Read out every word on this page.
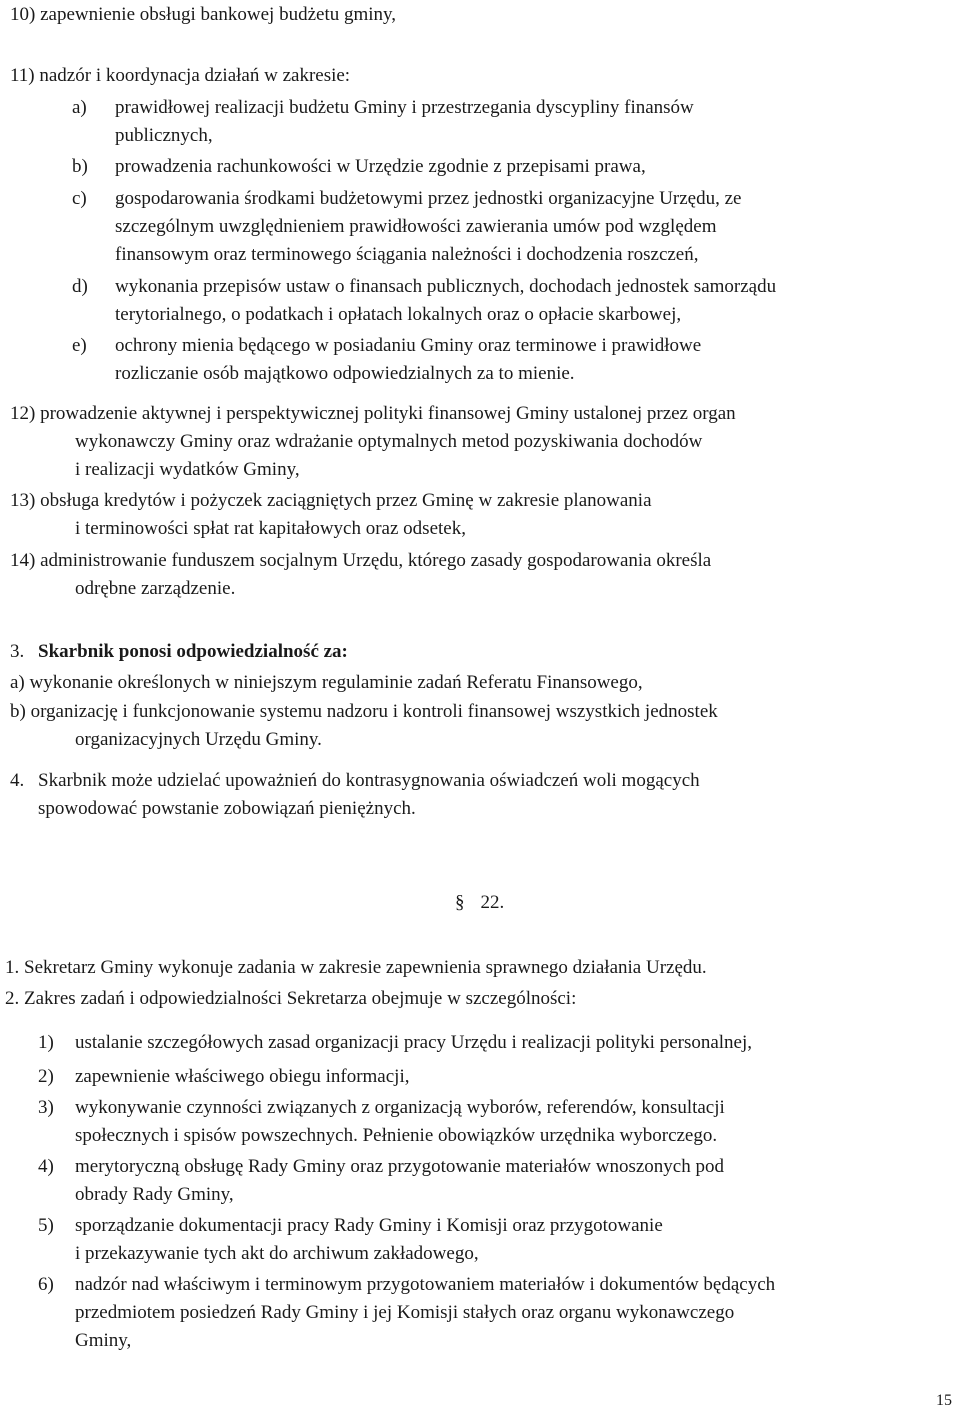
10) zapewnienie obsługi bankowej budżetu gminy,
11) nadzór i koordynacja działań w zakresie:
a) prawidłowej realizacji budżetu Gminy i przestrzegania dyscypliny finansów
publicznych,
b) prowadzenia rachunkowości w Urzędzie zgodnie z przepisami prawa,
c) gospodarowania środkami budżetowymi przez jednostki organizacyjne Urzędu, ze
szczególnym uwzględnieniem prawidłowości zawierania umów pod względem
finansowym oraz terminowego ściągania należności i dochodzenia roszczeń,
d) wykonania przepisów ustaw o finansach publicznych, dochodach jednostek samorządu
terytorialnego, o podatkach i opłatach lokalnych oraz o opłacie skarbowej,
e) ochrony mienia będącego w posiadaniu Gminy oraz terminowe i prawidłowe
rozliczanie osób majątkowo odpowiedzialnych za to mienie.
12) prowadzenie aktywnej i perspektywicznej polityki finansowej Gminy ustalonej przez organ
wykonawczy Gminy oraz wdrażanie optymalnych metod pozyskiwania dochodów
i realizacji wydatków Gminy,
13) obsługa kredytów i pożyczek zaciągniętych przez Gminę w zakresie planowania
i terminowości spłat rat kapitałowych oraz odsetek,
14) administrowanie funduszem socjalnym Urzędu, którego zasady gospodarowania określa
odrębne zarządzenie.
3. Skarbnik ponosi odpowiedzialność za:
a) wykonanie określonych w niniejszym regulaminie zadań Referatu Finansowego,
b) organizację i funkcjonowanie systemu nadzoru i kontroli finansowej wszystkich jednostek
organizacyjnych Urzędu Gminy.
4. Skarbnik może udzielać upoważnień do kontrasygnowania oświadczeń woli mogących
spowodować powstanie zobowiązań pieniężnych.
§ 22.
1. Sekretarz Gminy wykonuje zadania w zakresie zapewnienia sprawnego działania Urzędu.
2. Zakres zadań i odpowiedzialności Sekretarza obejmuje w szczególności:
1) ustalanie szczegółowych zasad organizacji pracy Urzędu i realizacji polityki personalnej,
2) zapewnienie właściwego obiegu informacji,
3) wykonywanie czynności związanych z organizacją wyborów, referendów, konsultacji
społecznych i spisów powszechnych. Pełnienie obowiązków urzędnika wyborczego.
4) merytoryczną obsługę Rady Gminy oraz przygotowanie materiałów wnoszonych pod
obrady Rady Gminy,
5) sporządzanie dokumentacji pracy Rady Gminy i Komisji oraz przygotowanie
i przekazywanie tych akt do archiwum zakładowego,
6) nadzór nad właściwym i terminowym przygotowaniem materiałów i dokumentów będących
przedmiotem posiedzeń Rady Gminy i jej Komisji stałych oraz organu wykonawczego
Gminy,
15
